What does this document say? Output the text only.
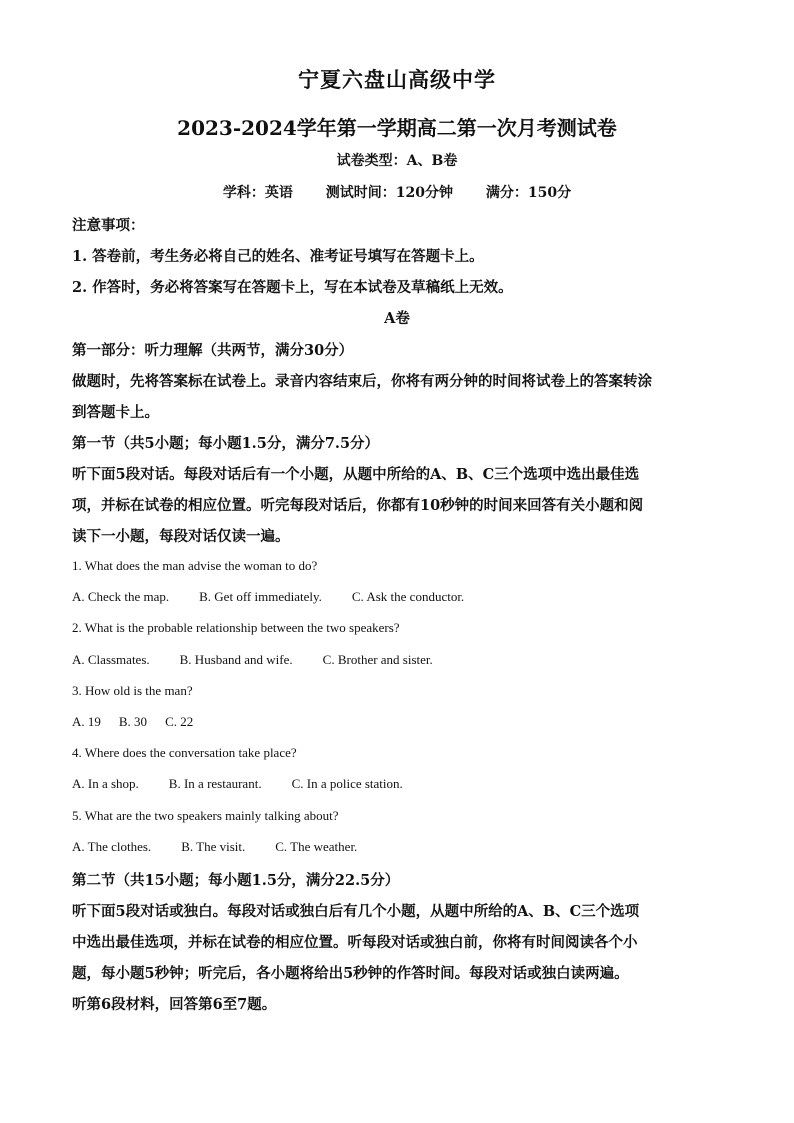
宁夏六盘山高级中学
2023-2024学年第一学期高二第一次月考测试卷
试卷类型：A、B卷
学科：英语 测试时间：120分钟 满分：150分
注意事项：
1. 答卷前，考生务必将自己的姓名、准考证号填写在答题卡上。
2. 作答时，务必将答案写在答题卡上，写在本试卷及草稿纸上无效。
A卷
第一部分：听力理解（共两节，满分30分）
做题时，先将答案标在试卷上。录音内容结束后，你将有两分钟的时间将试卷上的答案转涂
到答题卡上。
第一节（共5小题；每小题1.5分，满分7.5分）
听下面5段对话。每段对话后有一个小题，从题中所给的A、B、C三个选项中选出最佳选
项，并标在试卷的相应位置。听完每段对话后，你都有10秒钟的时间来回答有关小题和阅
读下一小题，每段对话仅读一遍。
1. What does the man advise the woman to do?
A. Check the map. B. Get off immediately. C. Ask the conductor.
2. What is the probable relationship between the two speakers?
A. Classmates. B. Husband and wife. C. Brother and sister.
3. How old is the man?
A. 19 B. 30 C. 22
4. Where does the conversation take place?
A. In a shop. B. In a restaurant. C. In a police station.
5. What are the two speakers mainly talking about?
A. The clothes. B. The visit. C. The weather.
第二节（共15小题；每小题1.5分，满分22.5分）
听下面5段对话或独白。每段对话或独白后有几个小题，从题中所给的A、B、C三个选项
中选出最佳选项，并标在试卷的相应位置。听每段对话或独白前，你将有时间阅读各个小
题，每小题5秒钟；听完后，各小题将给出5秒钟的作答时间。每段对话或独白读两遍。
听第6段材料，回答第6至7题。
